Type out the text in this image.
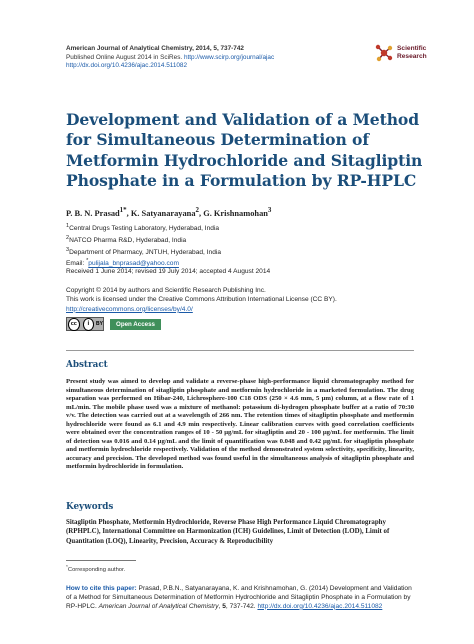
American Journal of Analytical Chemistry, 2014, 5, 737-742
Published Online August 2014 in SciRes. http://www.scirp.org/journal/ajac
http://dx.doi.org/10.4236/ajac.2014.511082
Scientific
Research
Development and Validation of a Method for Simultaneous Determination of Metformin Hydrochloride and Sitagliptin Phosphate in a Formulation by RP-HPLC
P. B. N. Prasad$^{1*}$, K. Satyanarayana$^2$, G. Krishnamohan$^3$
$^1$Central Drugs Testing Laboratory, Hyderabad, India
$^2$NATCO Pharma R&D, Hyderabad, India
$^3$Department of Pharmacy, JNTUH, Hyderabad, India
Email: *pulijala_bnprasad@yahoo.com
Received 1 June 2014; revised 19 July 2014; accepted 4 August 2014
Copyright © 2014 by authors and Scientific Research Publishing Inc.
This work is licensed under the Creative Commons Attribution International License (CC BY).
http://creativecommons.org/licenses/by/4.0/
cc	i	BY	Open Access
Abstract

Present study was aimed to develop and validate a reverse-phase high-performance liquid chromatography method for simultaneous determination of sitagliptin phosphate and metformin hydrochloride in a marketed formulation. The drug separation was performed on Hibar-240, Lichrosphere-100 C18 ODS (250 × 4.6 mm, 5 μm) column, at a flow rate of 1 mL/min. The mobile phase used was a mixture of methanol: potassium di-hydrogen phosphate buffer at a ratio of 70:30 v/v. The detection was carried out at a wavelength of 266 nm. The retention times of sitagliptin phosphate and metformin hydrochloride were found as 6.1 and 4.9 min respectively. Linear calibration curves with good correlation coefficients were obtained over the concentration ranges of 10 - 50 μg/mL for sitagliptin and 20 - 100 μg/mL for metformin. The limit of detection was 0.016 and 0.14 μg/mL and the limit of quantification was 0.048 and 0.42 μg/mL for sitagliptin phosphate and metformin hydrochloride respectively. Validation of the method demonstrated system selectivity, specificity, linearity, accuracy and precision. The developed method was found useful in the simultaneous analysis of sitagliptin phosphate and metformin hydrochloride in formulation.

Keywords

Sitagliptin Phosphate, Metformin Hydrochloride, Reverse Phase High Performance Liquid Chromatography (RPHPLC), International Committee on Harmonization (ICH) Guidelines, Limit of Detection (LOD), Limit of Quantitation (LOQ), Linearity, Precision, Accuracy & Reproducibility

*Corresponding author.
How to cite this paper: Prasad, P.B.N., Satyanarayana, K. and Krishnamohan, G. (2014) Development and Validation of a Method for Simultaneous Determination of Metformin Hydrochloride and Sitagliptin Phosphate in a Formulation by RP-HPLC. American Journal of Analytical Chemistry, 5, 737-742. http://dx.doi.org/10.4236/ajac.2014.511082
